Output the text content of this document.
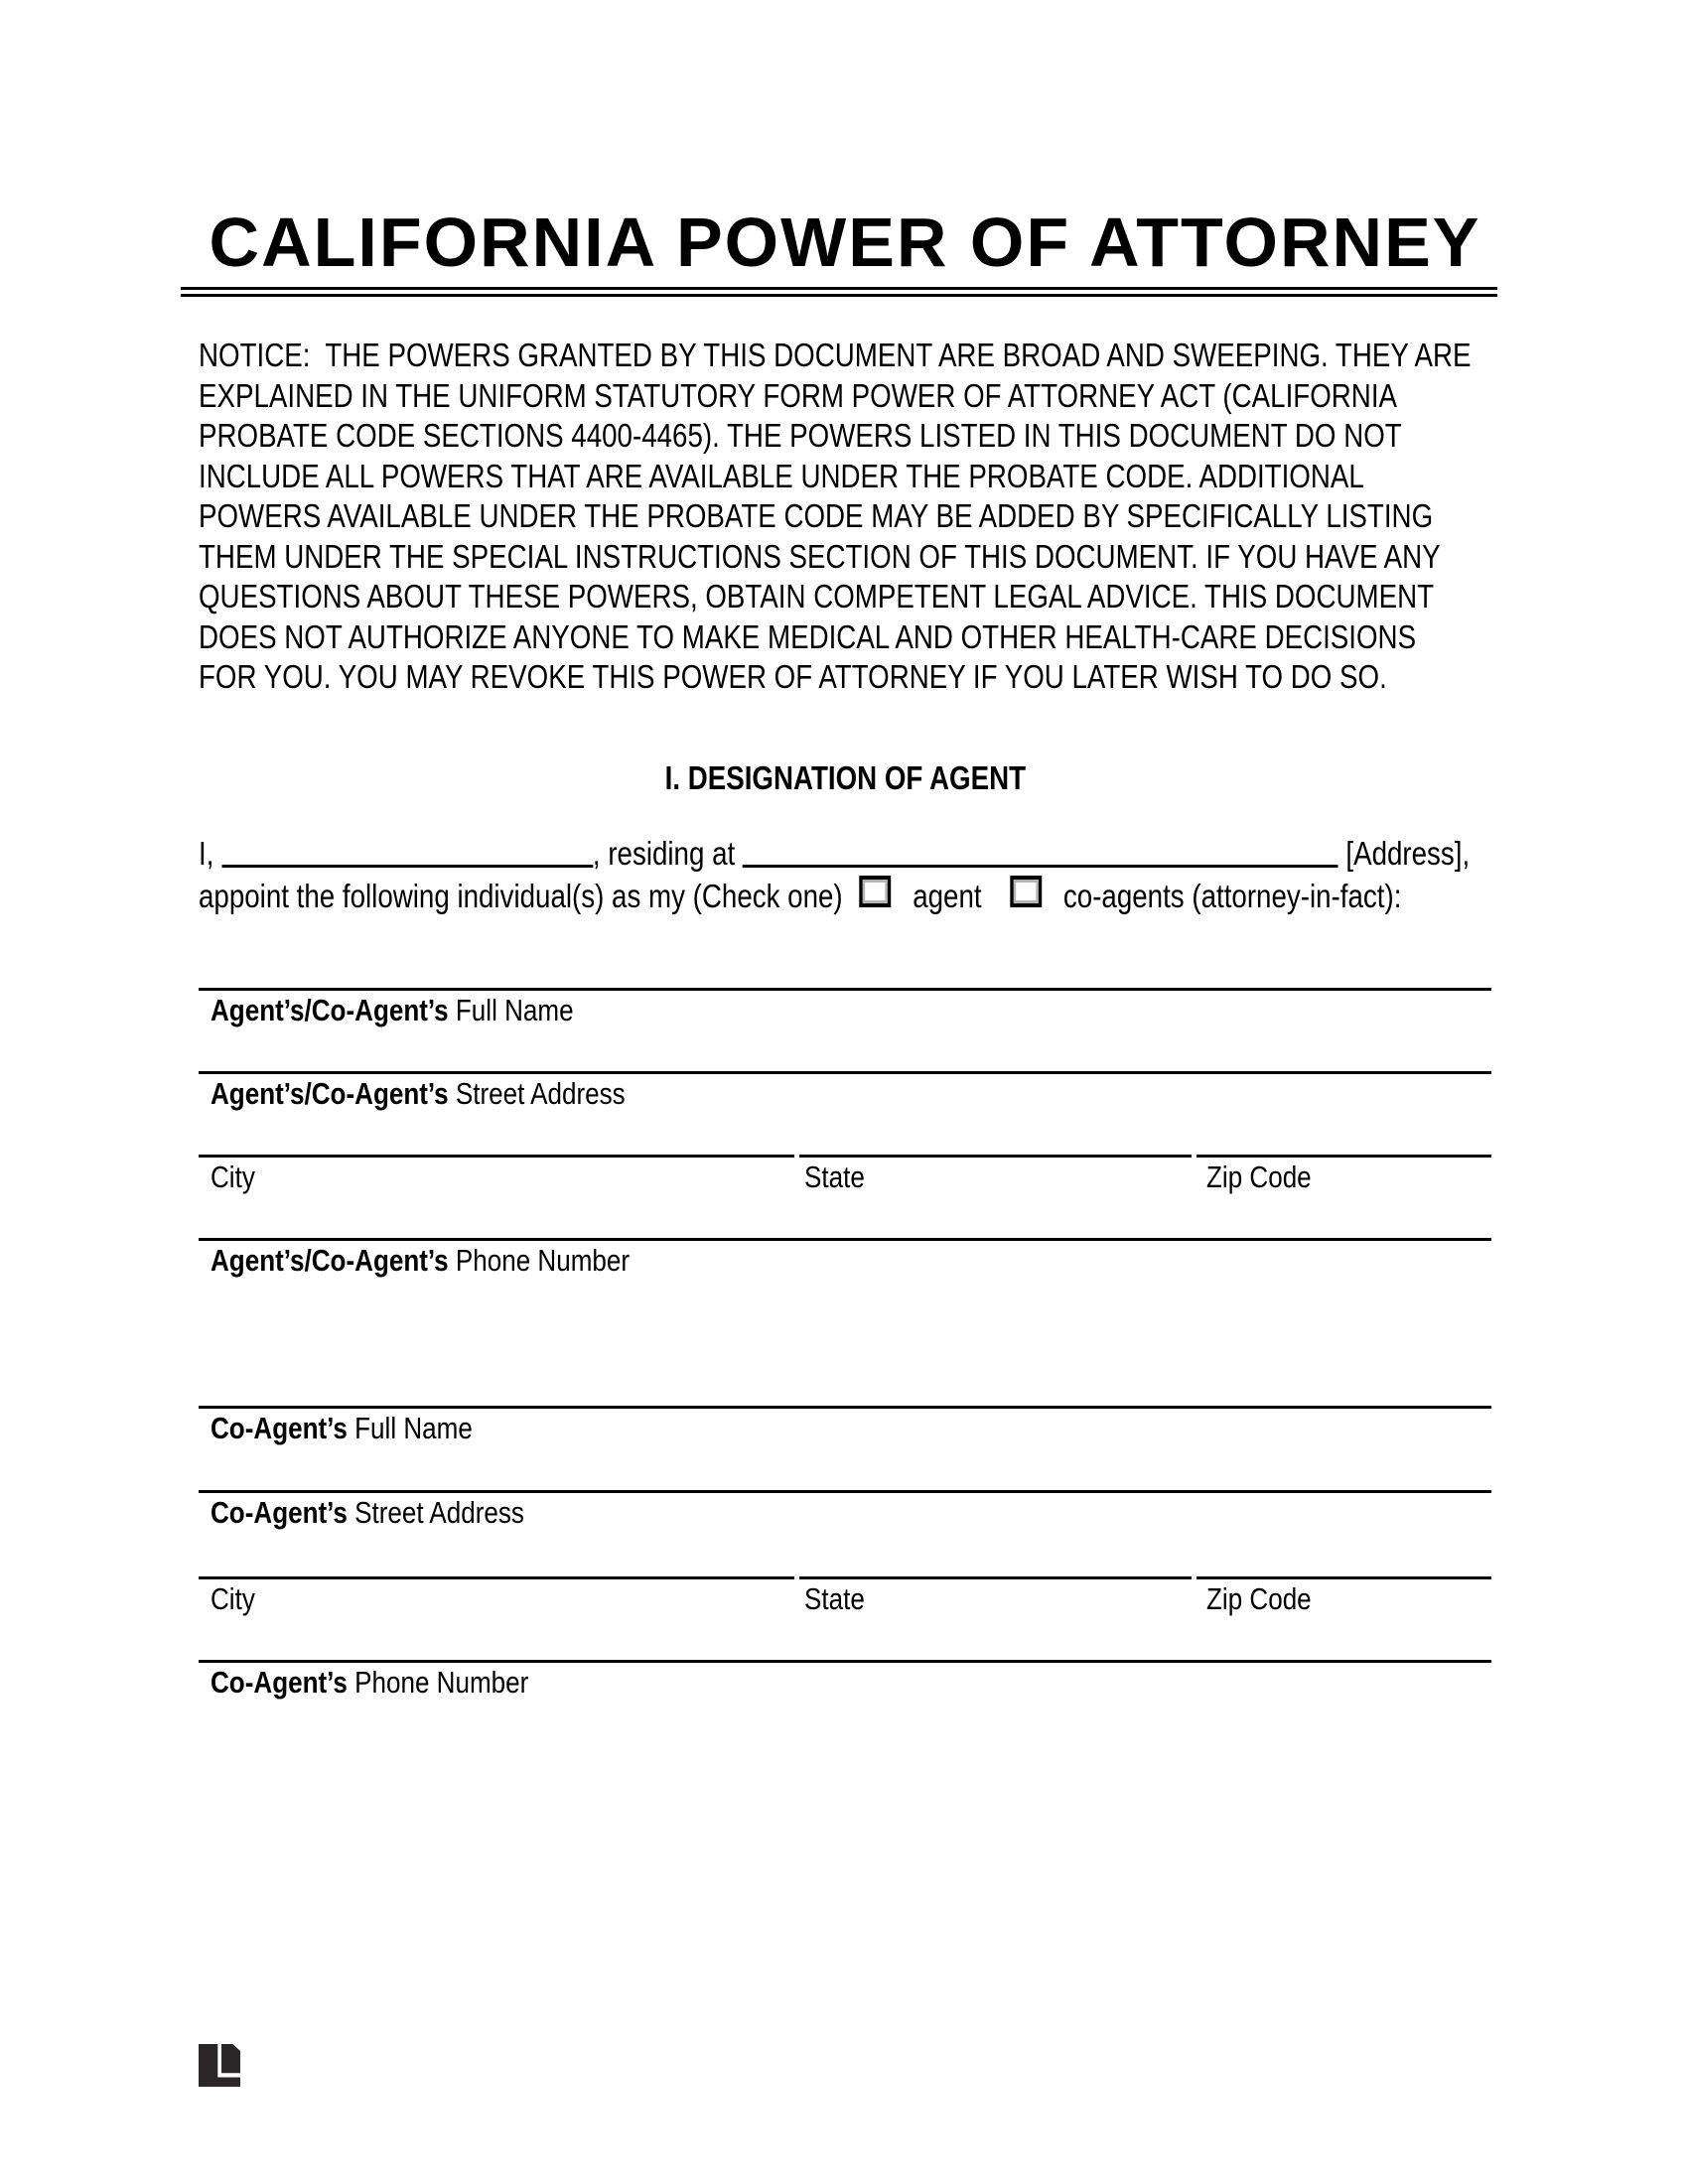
CALIFORNIA POWER OF ATTORNEY
NOTICE:  THE POWERS GRANTED BY THIS DOCUMENT ARE BROAD AND SWEEPING. THEY ARE
EXPLAINED IN THE UNIFORM STATUTORY FORM POWER OF ATTORNEY ACT (CALIFORNIA
PROBATE CODE SECTIONS 4400-4465). THE POWERS LISTED IN THIS DOCUMENT DO NOT
INCLUDE ALL POWERS THAT ARE AVAILABLE UNDER THE PROBATE CODE. ADDITIONAL
POWERS AVAILABLE UNDER THE PROBATE CODE MAY BE ADDED BY SPECIFICALLY LISTING
THEM UNDER THE SPECIAL INSTRUCTIONS SECTION OF THIS DOCUMENT. IF YOU HAVE ANY
QUESTIONS ABOUT THESE POWERS, OBTAIN COMPETENT LEGAL ADVICE. THIS DOCUMENT
DOES NOT AUTHORIZE ANYONE TO MAKE MEDICAL AND OTHER HEALTH-CARE DECISIONS
FOR YOU. YOU MAY REVOKE THIS POWER OF ATTORNEY IF YOU LATER WISH TO DO SO.
I. DESIGNATION OF AGENT
I,	, residing at	[Address],
appoint the following individual(s) as my (Check one) agent co-agents (attorney-in-fact):
Agent’s/Co-Agent’s Full Name
Agent’s/Co-Agent’s Street Address
City	State	Zip Code
Agent’s/Co-Agent’s Phone Number
Co-Agent’s Full Name
Co-Agent’s Street Address
City	State	Zip Code
Co-Agent’s Phone Number
